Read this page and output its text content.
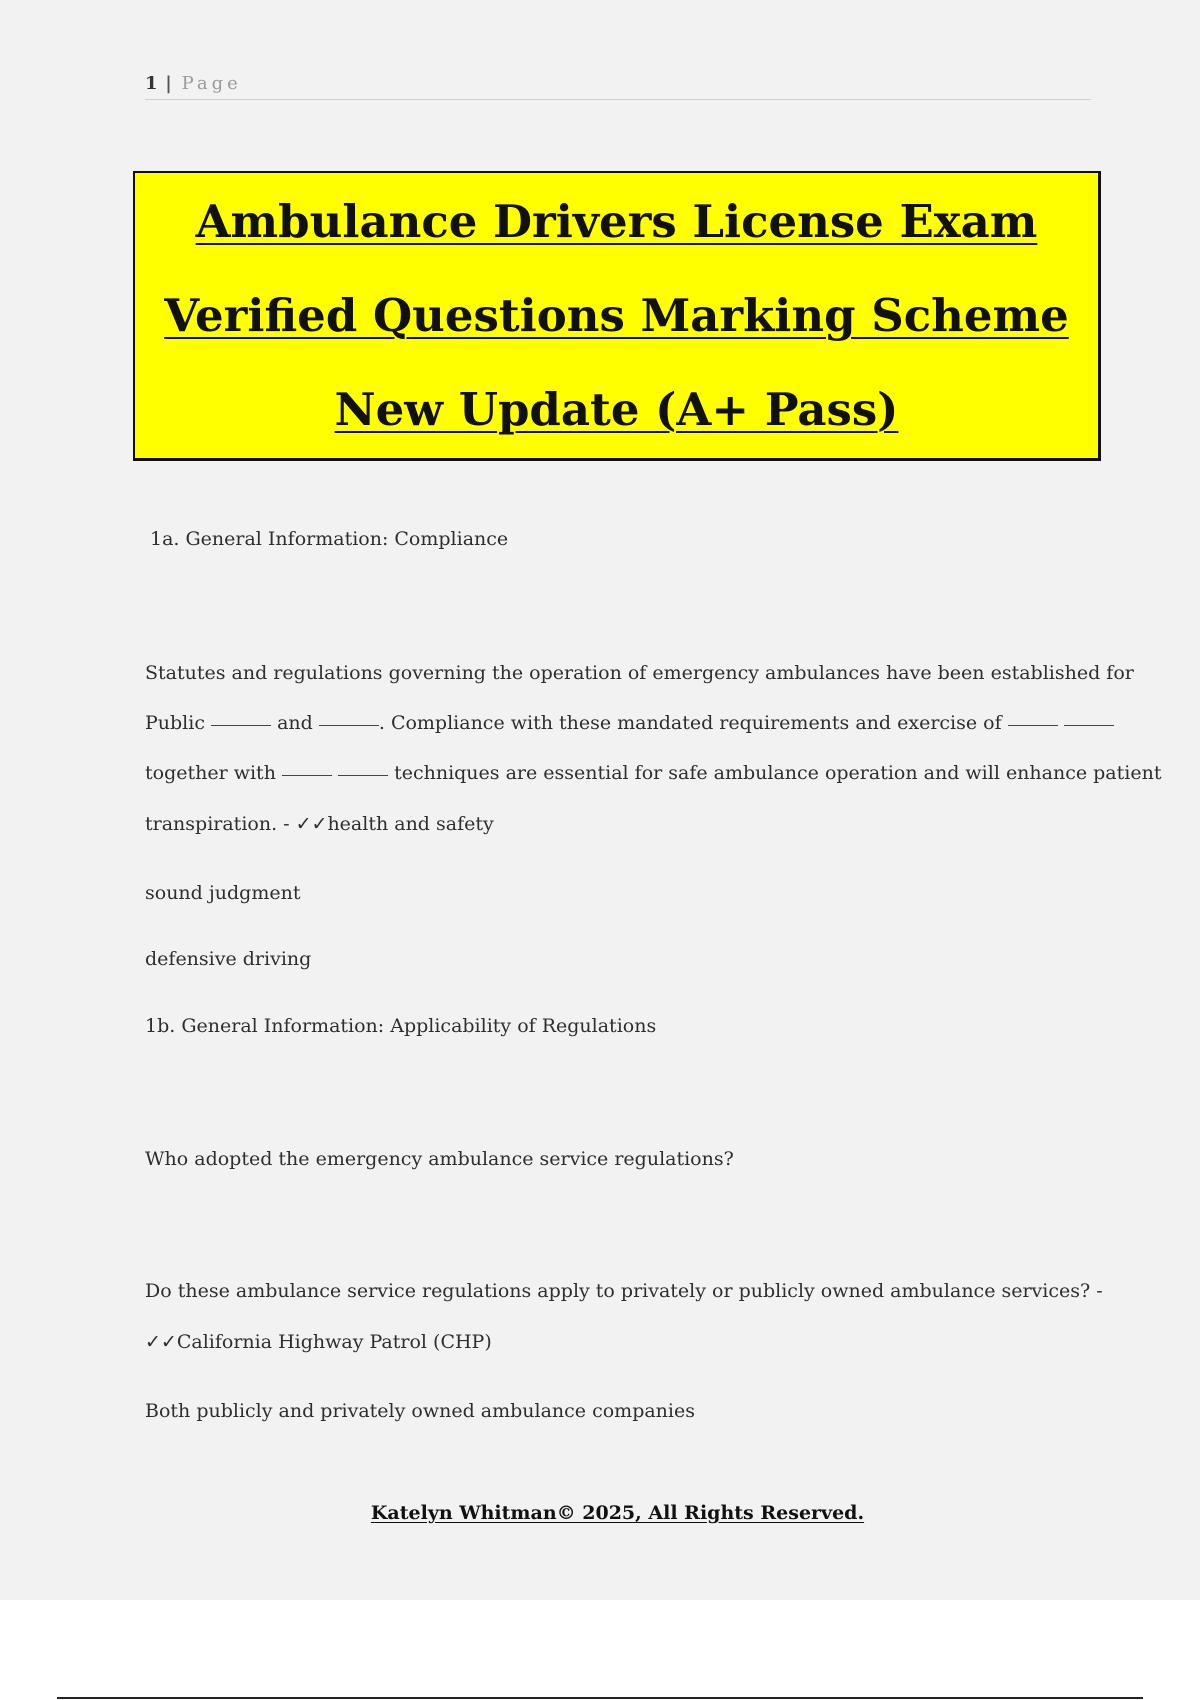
1 | Page
Ambulance Drivers License Exam
Verified Questions Marking Scheme
New Update (A+ Pass)
1a. General Information: Compliance
Statutes and regulations governing the operation of emergency ambulances have been established for
Public	and	. Compliance with these mandated requirements and exercise of
together with	techniques are essential for safe ambulance operation and will enhance patient
transpiration. - ✓✓health and safety
sound judgment
defensive driving
1b. General Information: Applicability of Regulations
Who adopted the emergency ambulance service regulations?
Do these ambulance service regulations apply to privately or publicly owned ambulance services? -
✓✓California Highway Patrol (CHP)
Both publicly and privately owned ambulance companies
Katelyn Whitman© 2025, All Rights Reserved.
